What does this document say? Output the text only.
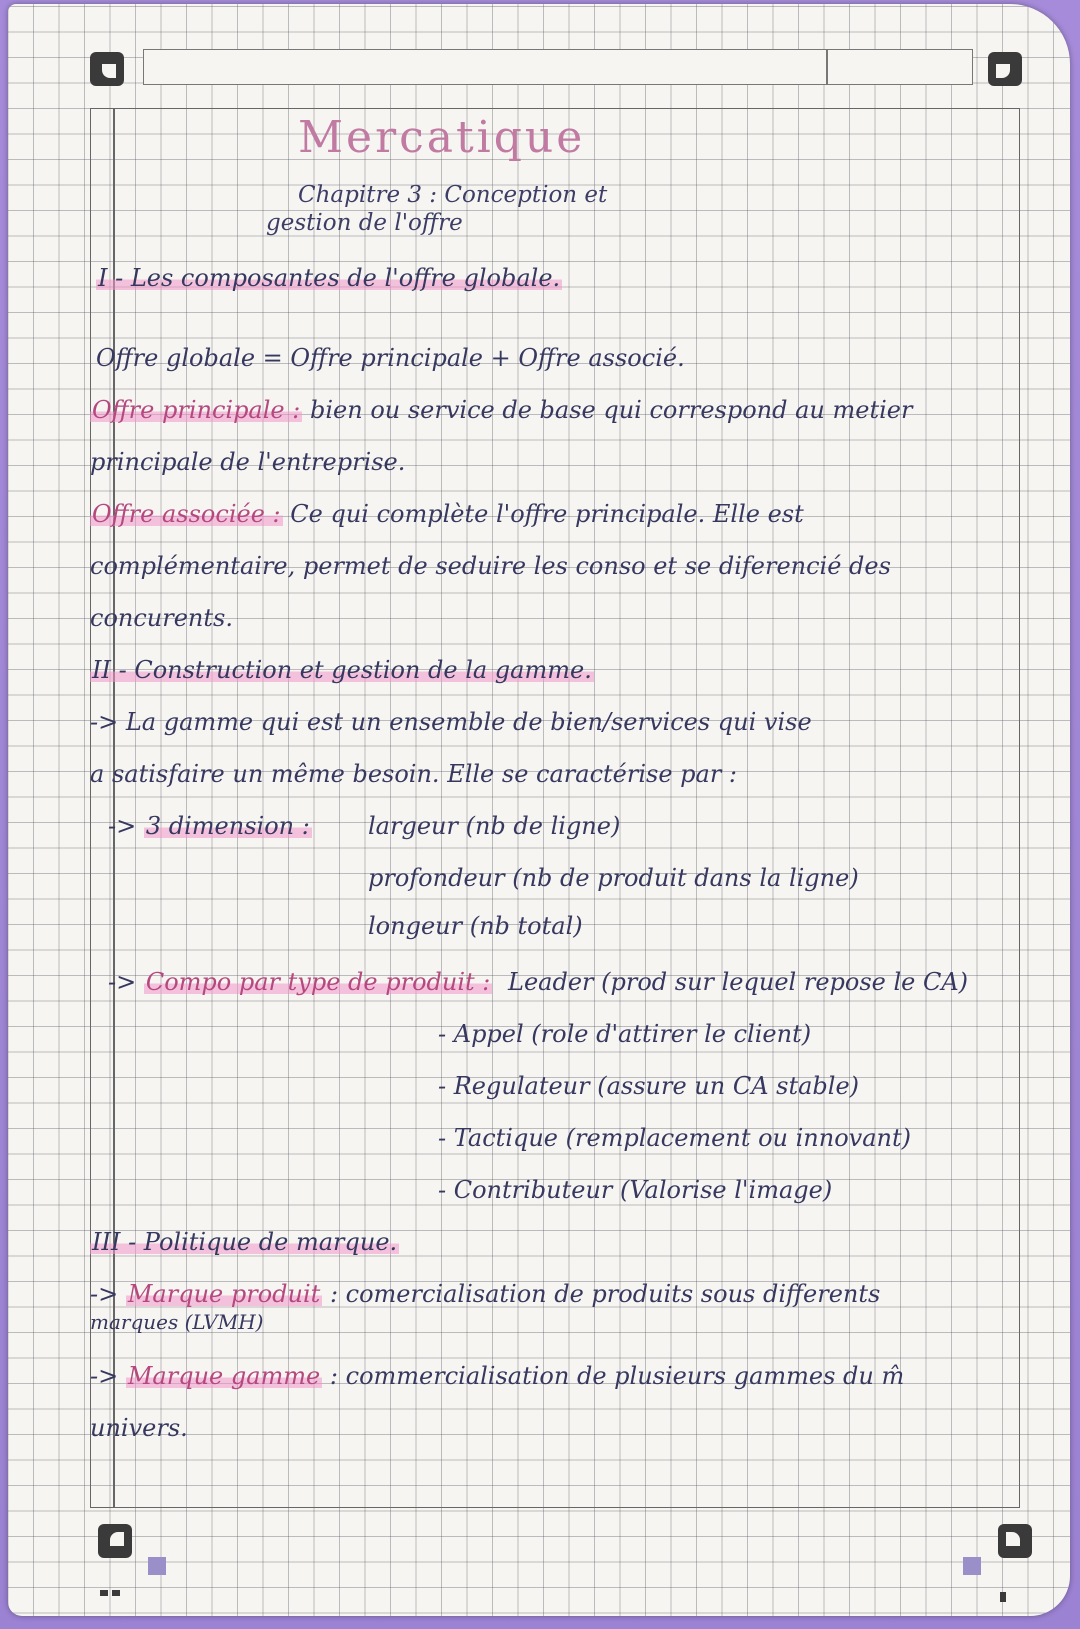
Mercatique
Chapitre 3 : Conception et
gestion de l'offre
I - Les composantes de l'offre globale.
Offre globale = Offre principale + Offre associé.
Offre principale : bien ou service de base qui correspond au metier
principale de l'entreprise.
Offre associée : Ce qui complète l'offre principale. Elle est
complémentaire, permet de seduire les conso et se diferencié des
concurents.
II - Construction et gestion de la gamme.
-> La gamme qui est un ensemble de bien/services qui vise
a satisfaire un même besoin. Elle se caractérise par :
-> 3 dimension : largeur (nb de ligne)
profondeur (nb de produit dans la ligne)
longeur (nb total)
-> Compo par type de produit : Leader (prod sur lequel repose le CA)
- Appel (role d'attirer le client)
- Regulateur (assure un CA stable)
- Tactique (remplacement ou innovant)
- Contributeur (Valorise l'image)
III - Politique de marque.
-> Marque produit : comercialisation de produits sous differents
marques (LVMH)
-> Marque gamme : commercialisation de plusieurs gammes du m̂
univers.
